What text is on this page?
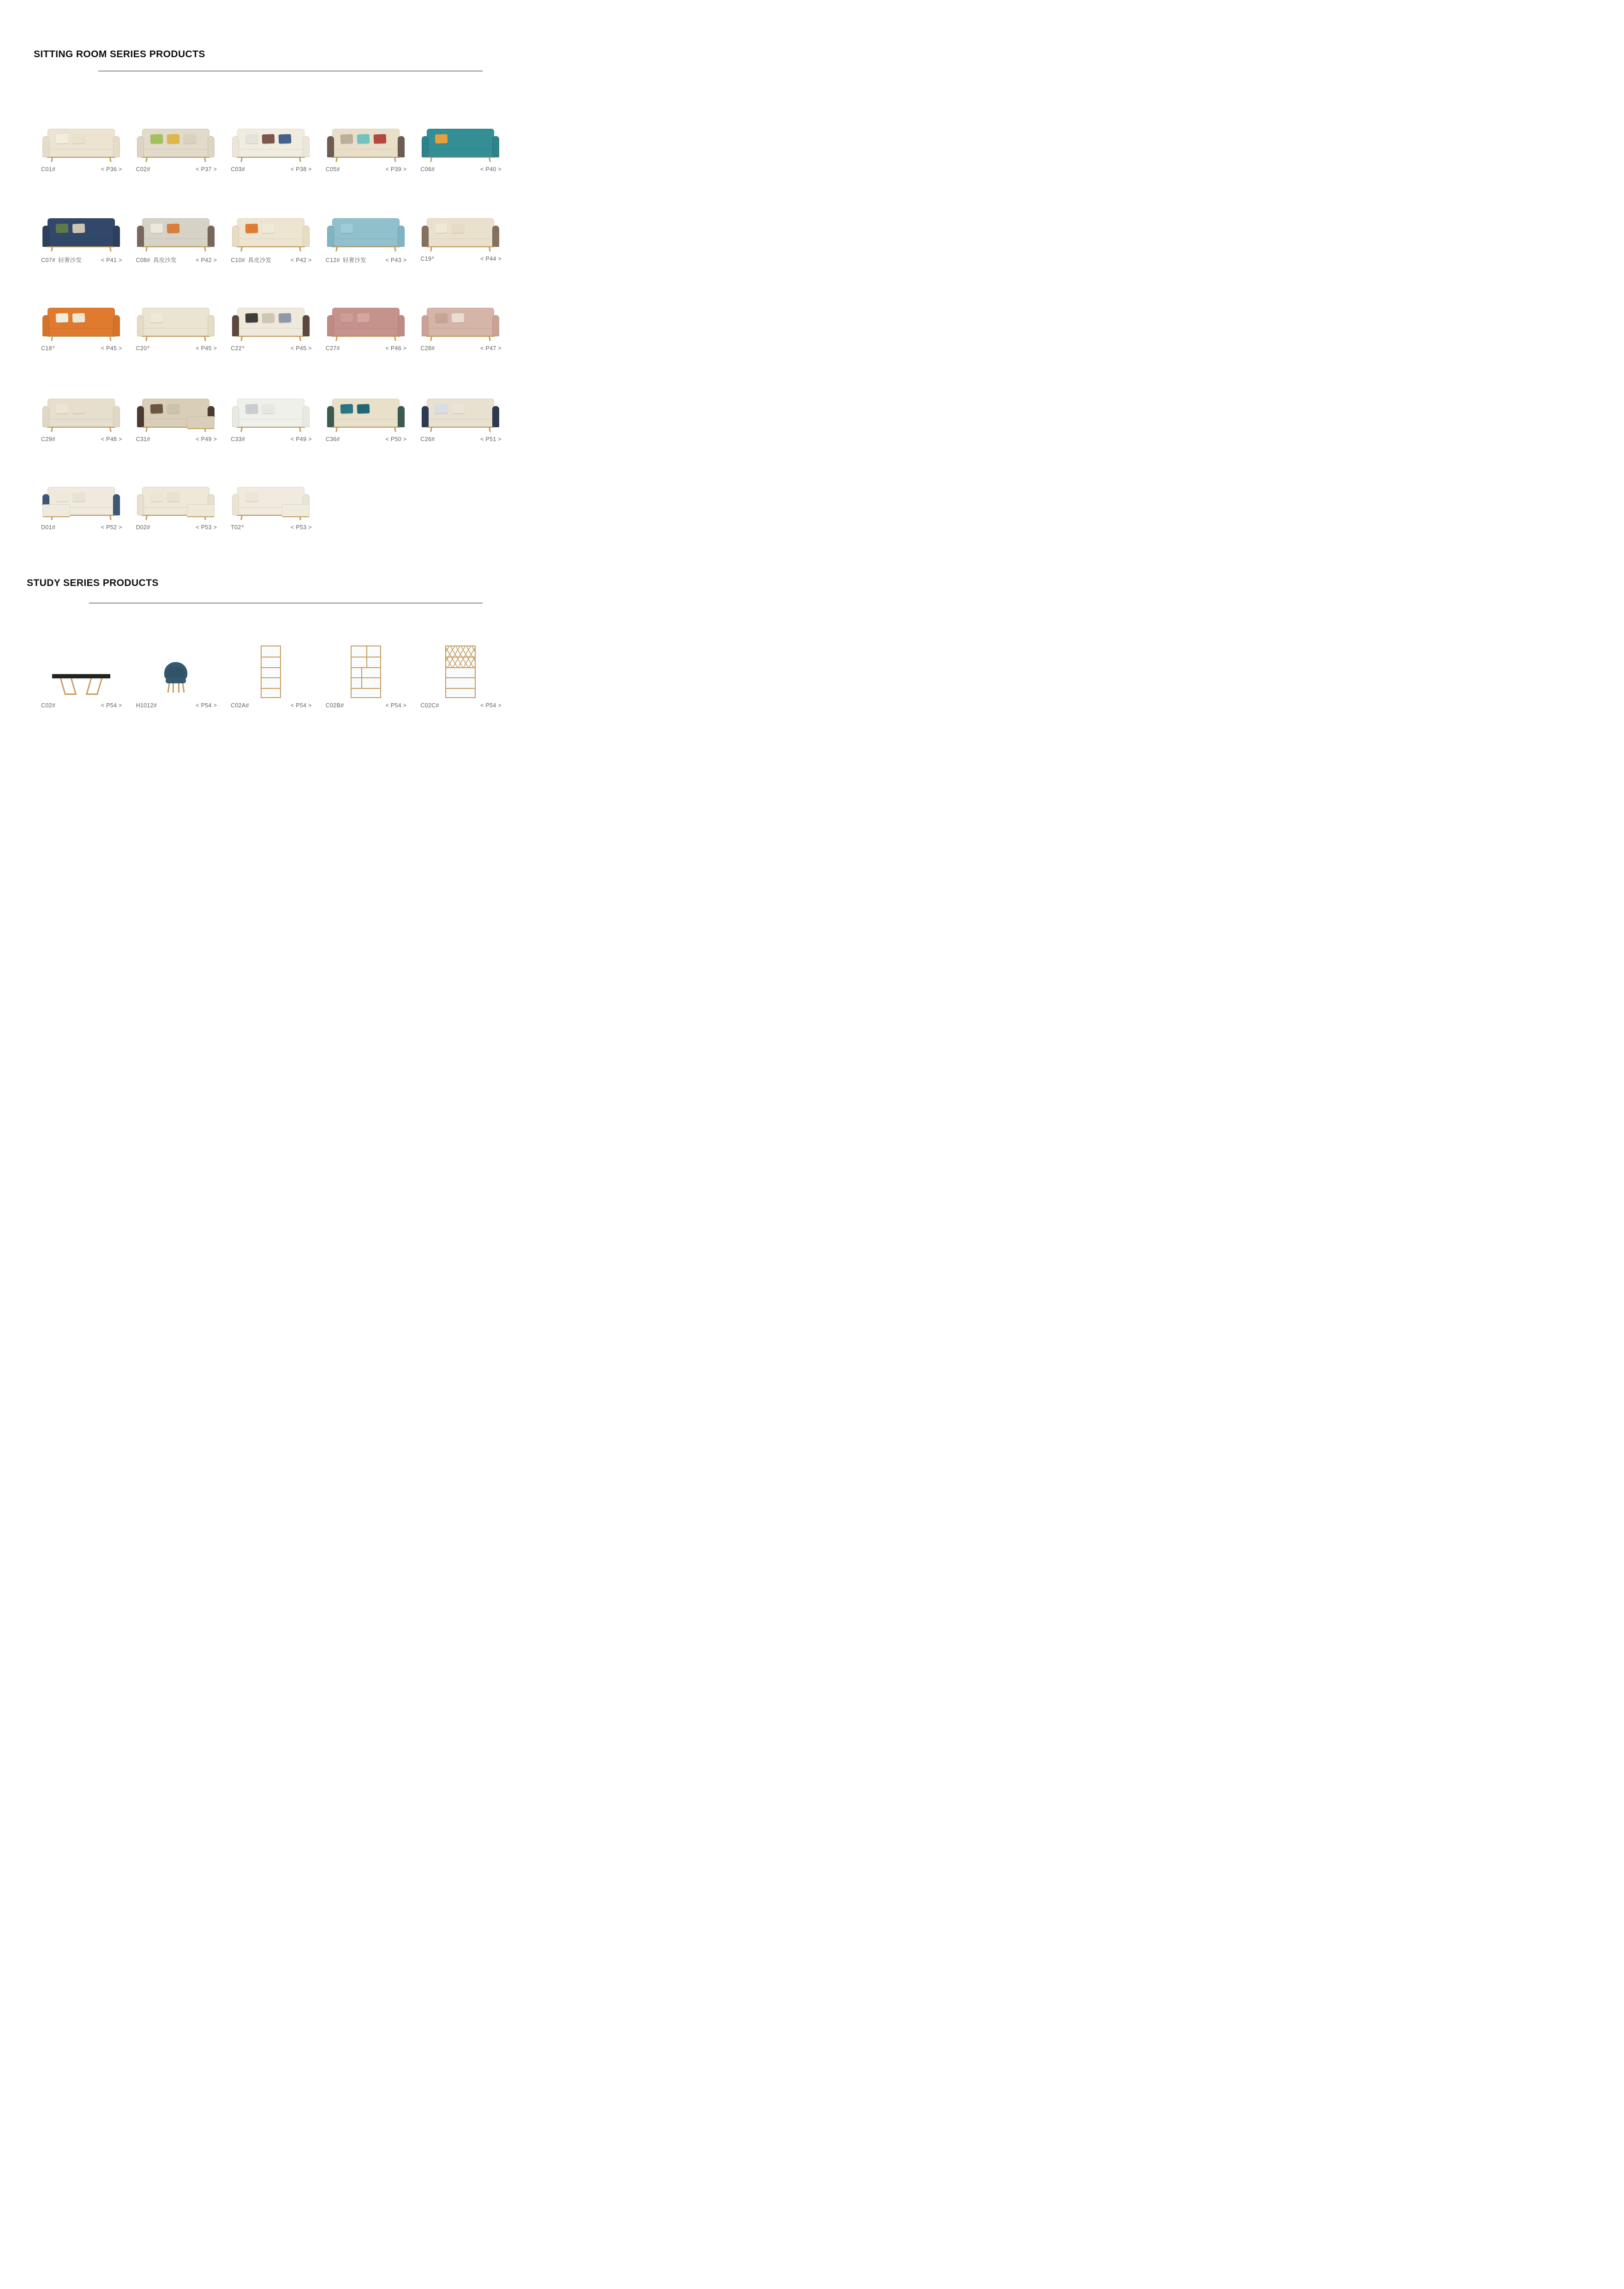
SITTING ROOM SERIES PRODUCTS
C01#	< P36 > C02#	< P37 > C03#	< P38 > C05#	< P39 > C06#	< P40 >
C07# 轻奢沙发	< P41 > C08# 真皮沙发	< P42 > C10# 真皮沙发	< P42 > C12# 轻奢沙发	< P43 > C19#	< P44 >
C18#	< P45 > C20#	< P45 > C22#	< P45 > C27#	< P46 > C28#	< P47 >
C29#	< P48 > C31#	< P49 > C33#	< P49 > C36#	< P50 > C26#	< P51 >
D01#	< P52 > D02#	< P53 > T02#	< P53 >
STUDY SERIES PRODUCTS
C02#	< P54 > H1012#	< P54 > C02A#	< P54 > C02B#	< P54 > C02C#	< P54 >
